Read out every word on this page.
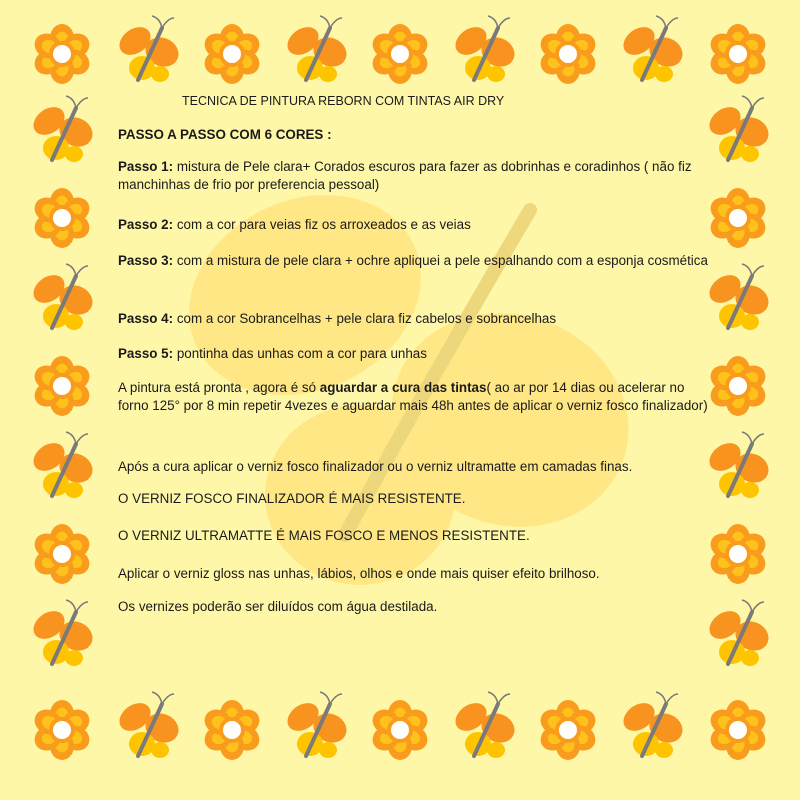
TECNICA DE PINTURA REBORN COM TINTAS AIR DRY
PASSO A PASSO COM 6 CORES :

Passo 1: mistura de Pele clara+ Corados escuros para fazer as dobrinhas e coradinhos ( não fiz manchinhas de frio por preferencia pessoal)

Passo 2: com a cor para veias fiz os arroxeados e as veias

Passo 3: com a mistura de pele clara + ochre apliquei a pele espalhando com a esponja cosmética

Passo 4: com a cor Sobrancelhas + pele clara fiz cabelos e sobrancelhas

Passo 5: pontinha das unhas com a cor para unhas

A pintura está pronta , agora é só aguardar a cura das tintas( ao ar por 14 dias ou acelerar no forno 125° por 8 min repetir 4vezes e aguardar mais 48h antes de aplicar o verniz fosco finalizador)

Após a cura aplicar o verniz fosco finalizador ou o verniz ultramatte em camadas finas.

O VERNIZ FOSCO FINALIZADOR É MAIS RESISTENTE.

O VERNIZ ULTRAMATTE É MAIS FOSCO E MENOS RESISTENTE.

Aplicar o verniz gloss nas unhas, lábios, olhos e onde mais quiser efeito brilhoso.

Os vernizes poderão ser diluídos com água destilada.
